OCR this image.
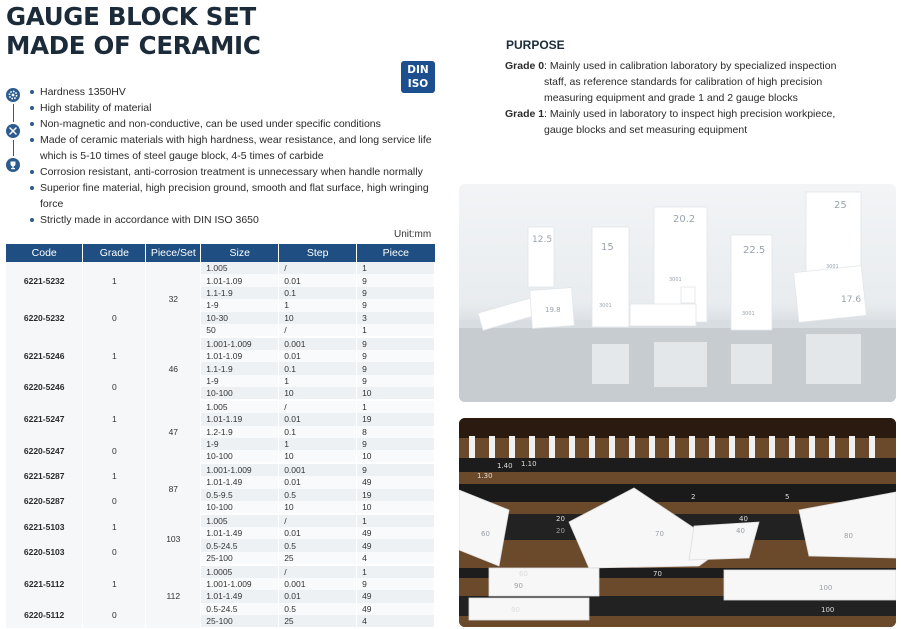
GAUGE BLOCK SET
MADE OF CERAMIC
DIN ISO
3650
Hardness 1350HV
High stability of material
Non-magnetic and non-conductive, can be used under specific conditions
Made of ceramic materials with high hardness, wear resistance, and long service life which is 5-10 times of steel gauge block, 4-5 times of carbide
Corrosion resistant, anti-corrosion treatment is unnecessary when handle normally
Superior fine material, high precision ground, smooth and flat surface, high wringing force
Strictly made in accordance with DIN ISO 3650
PURPOSE
Grade 0 : Mainly used in calibration laboratory by specialized inspection staff, as reference standards for calibration of high precision measuring equipment and grade 1 and 2 gauge blocks
Grade 1 : Mainly used in laboratory to inspect high precision workpiece, gauge blocks and set measuring equipment
Unit:mm
Code	Grade	Piece/Set	Size	Step	Piece
6221-5232	1	32	1.005	/	1
			1.01-1.09	0.01	9
			1.1-1.9	0.1	9
6220-5232	0		1-9	1	9
			10-30	10	3
			50	/	1
6221-5246	1	46	1.001-1.009	0.001	9
			1.01-1.09	0.01	9
			1.1-1.9	0.1	9
6220-5246	0		1-9	1	9
			10-100	10	10
6221-5247	1	47	1.005	/	1
			1.01-1.19	0.01	19
			1.2-1.9	0.1	8
6220-5247	0		1-9	1	9
			10-100	10	10
6221-5287	1	87	1.001-1.009	0.001	9
			1.01-1.49	0.01	49
6220-5287	0		0.5-9.5	0.5	19
			10-100	10	10
6221-5103	1	103	1.005	/	1
			1.01-1.49	0.01	49
6220-5103	0		0.5-24.5	0.5	49
			25-100	25	4
6221-5112	1	112	1.0005	/	1
			1.001-1.009	0.001	9
			1.01-1.49	0.01	49
6220-5112	0		0.5-24.5	0.5	49
			25-100	25	4
12.5
15
20.2
22.5
25
17.6
19.8	3001
3001
3001
3001
60	20	70	40
80
90	100
2	5
60	70
90	100
20	40
1.30
1.40 1.10
